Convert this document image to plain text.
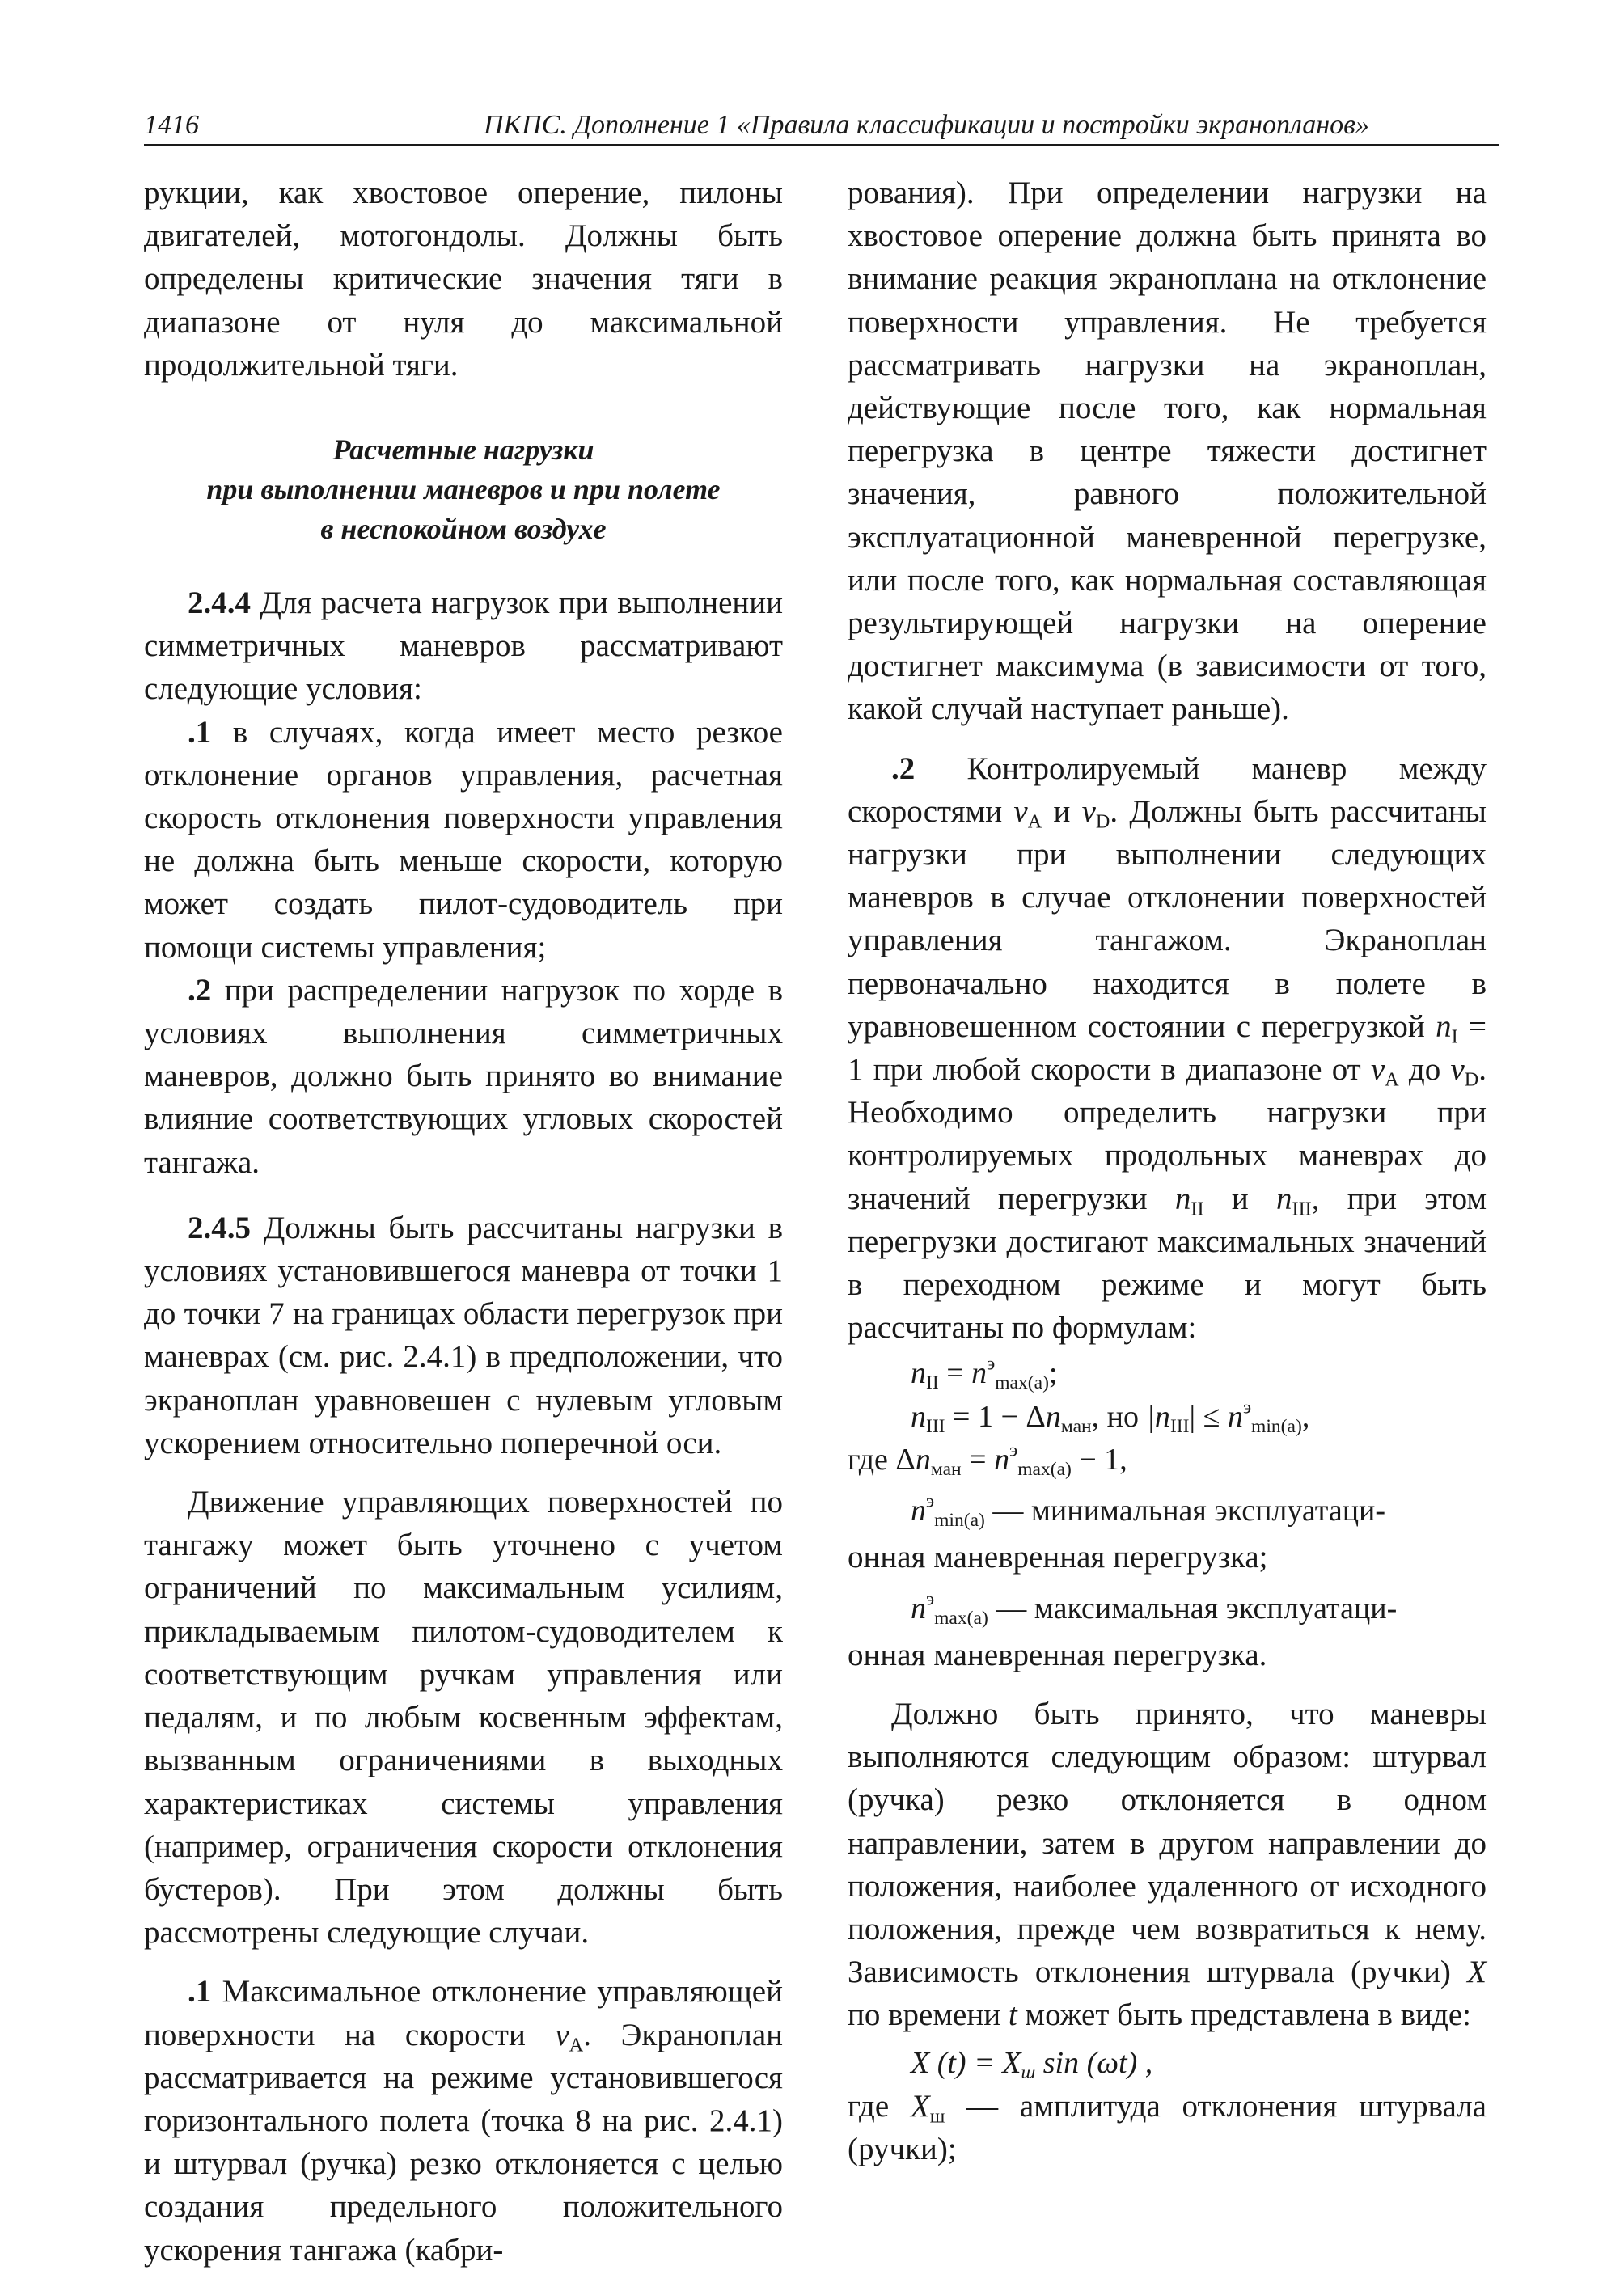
1416	ПКПС. Дополнение 1 «Правила классификации и постройки экранопланов»

рукции, как хвостовое оперение, пилоны двигателей, мотогондолы. Должны быть определены критические значения тяги в диапазоне от нуля до максимальной продолжительной тяги.

Расчетные нагрузки
при выполнении маневров и при полете
в неспокойном воздухе

2.4.4 Для расчета нагрузок при выполнении симметричных маневров рассматривают следующие условия:

.1 в случаях, когда имеет место резкое отклонение органов управления, расчетная скорость отклонения поверхности управления не должна быть меньше скорости, которую может создать пилот-судоводитель при помощи системы управления;

.2 при распределении нагрузок по хорде в условиях выполнения симметричных маневров, должно быть принято во внимание влияние соответствующих угловых скоростей тангажа.

2.4.5 Должны быть рассчитаны нагрузки в условиях установившегося маневра от точки 1 до точки 7 на границах области перегрузок при маневрах (см. рис. 2.4.1) в предположении, что экраноплан уравновешен с нулевым угловым ускорением относительно поперечной оси.

Движение управляющих поверхностей по тангажу может быть уточнено с учетом ограничений по максимальным усилиям, прикладываемым пилотом-судоводителем к соответствующим ручкам управления или педалям, и по любым косвенным эффектам, вызванным ограничениями в выходных характеристиках системы управления (например, ограничения скорости отклонения бустеров). При этом должны быть рассмотрены следующие случаи.

.1 Максимальное отклонение управляющей поверхности на скорости $v_A$. Экраноплан рассматривается на режиме установившегося горизонтального полета (точка 8 на рис. 2.4.1) и штурвал (ручка) резко отклоняется с целью создания предельного положительного ускорения тангажа (кабри-

рования). При определении нагрузки на хвостовое оперение должна быть принята во внимание реакция экраноплана на отклонение поверхности управления. Не требуется рассматривать нагрузки на экраноплан, действующие после того, как нормальная перегрузка в центре тяжести достигнет значения, равного положительной эксплуатационной маневренной перегрузке, или после того, как нормальная составляющая результирующей нагрузки на оперение достигнет максимума (в зависимости от того, какой случай наступает раньше).

.2 Контролируемый маневр между скоростями $v_A$ и $v_D$. Должны быть рассчитаны нагрузки при выполнении следующих маневров в случае отклонении поверхностей управления тангажом. Экраноплан первоначально находится в полете в уравновешенном состоянии с перегрузкой $n_I = 1$ при любой скорости в диапазоне от $v_A$ до $v_D$. Необходимо определить нагрузки при контролируемых продольных маневрах до значений перегрузки $n_{II}$ и $n_{III}$, при этом перегрузки достигают максимальных значений в переходном режиме и могут быть рассчитаны по формулам:

$n_{II} = n^э_{max(a)}$;
$n_{III} = 1 - \Delta n_{ман}$, но $|n_{III}| \le n^э_{min(a)}$,
где $\Delta n_{ман} = n^э_{max(a)} - 1$,
$n^э_{min(a)}$ — минимальная эксплуатаци-

онная маневренная перегрузка;

$n^э_{max(a)}$ — максимальная эксплуатаци-

онная маневренная перегрузка.

Должно быть принято, что маневры выполняются следующим образом: штурвал (ручка) резко отклоняется в одном направлении, затем в другом направлении до положения, наиболее удаленного от исходного положения, прежде чем возвратиться к нему. Зависимость отклонения штурвала (ручки) X по времени t может быть представлена в виде:

X $(t) = X_ш$ sin (ωt) ,

где $X_ш$ — амплитуда отклонения штурвала (ручки);
